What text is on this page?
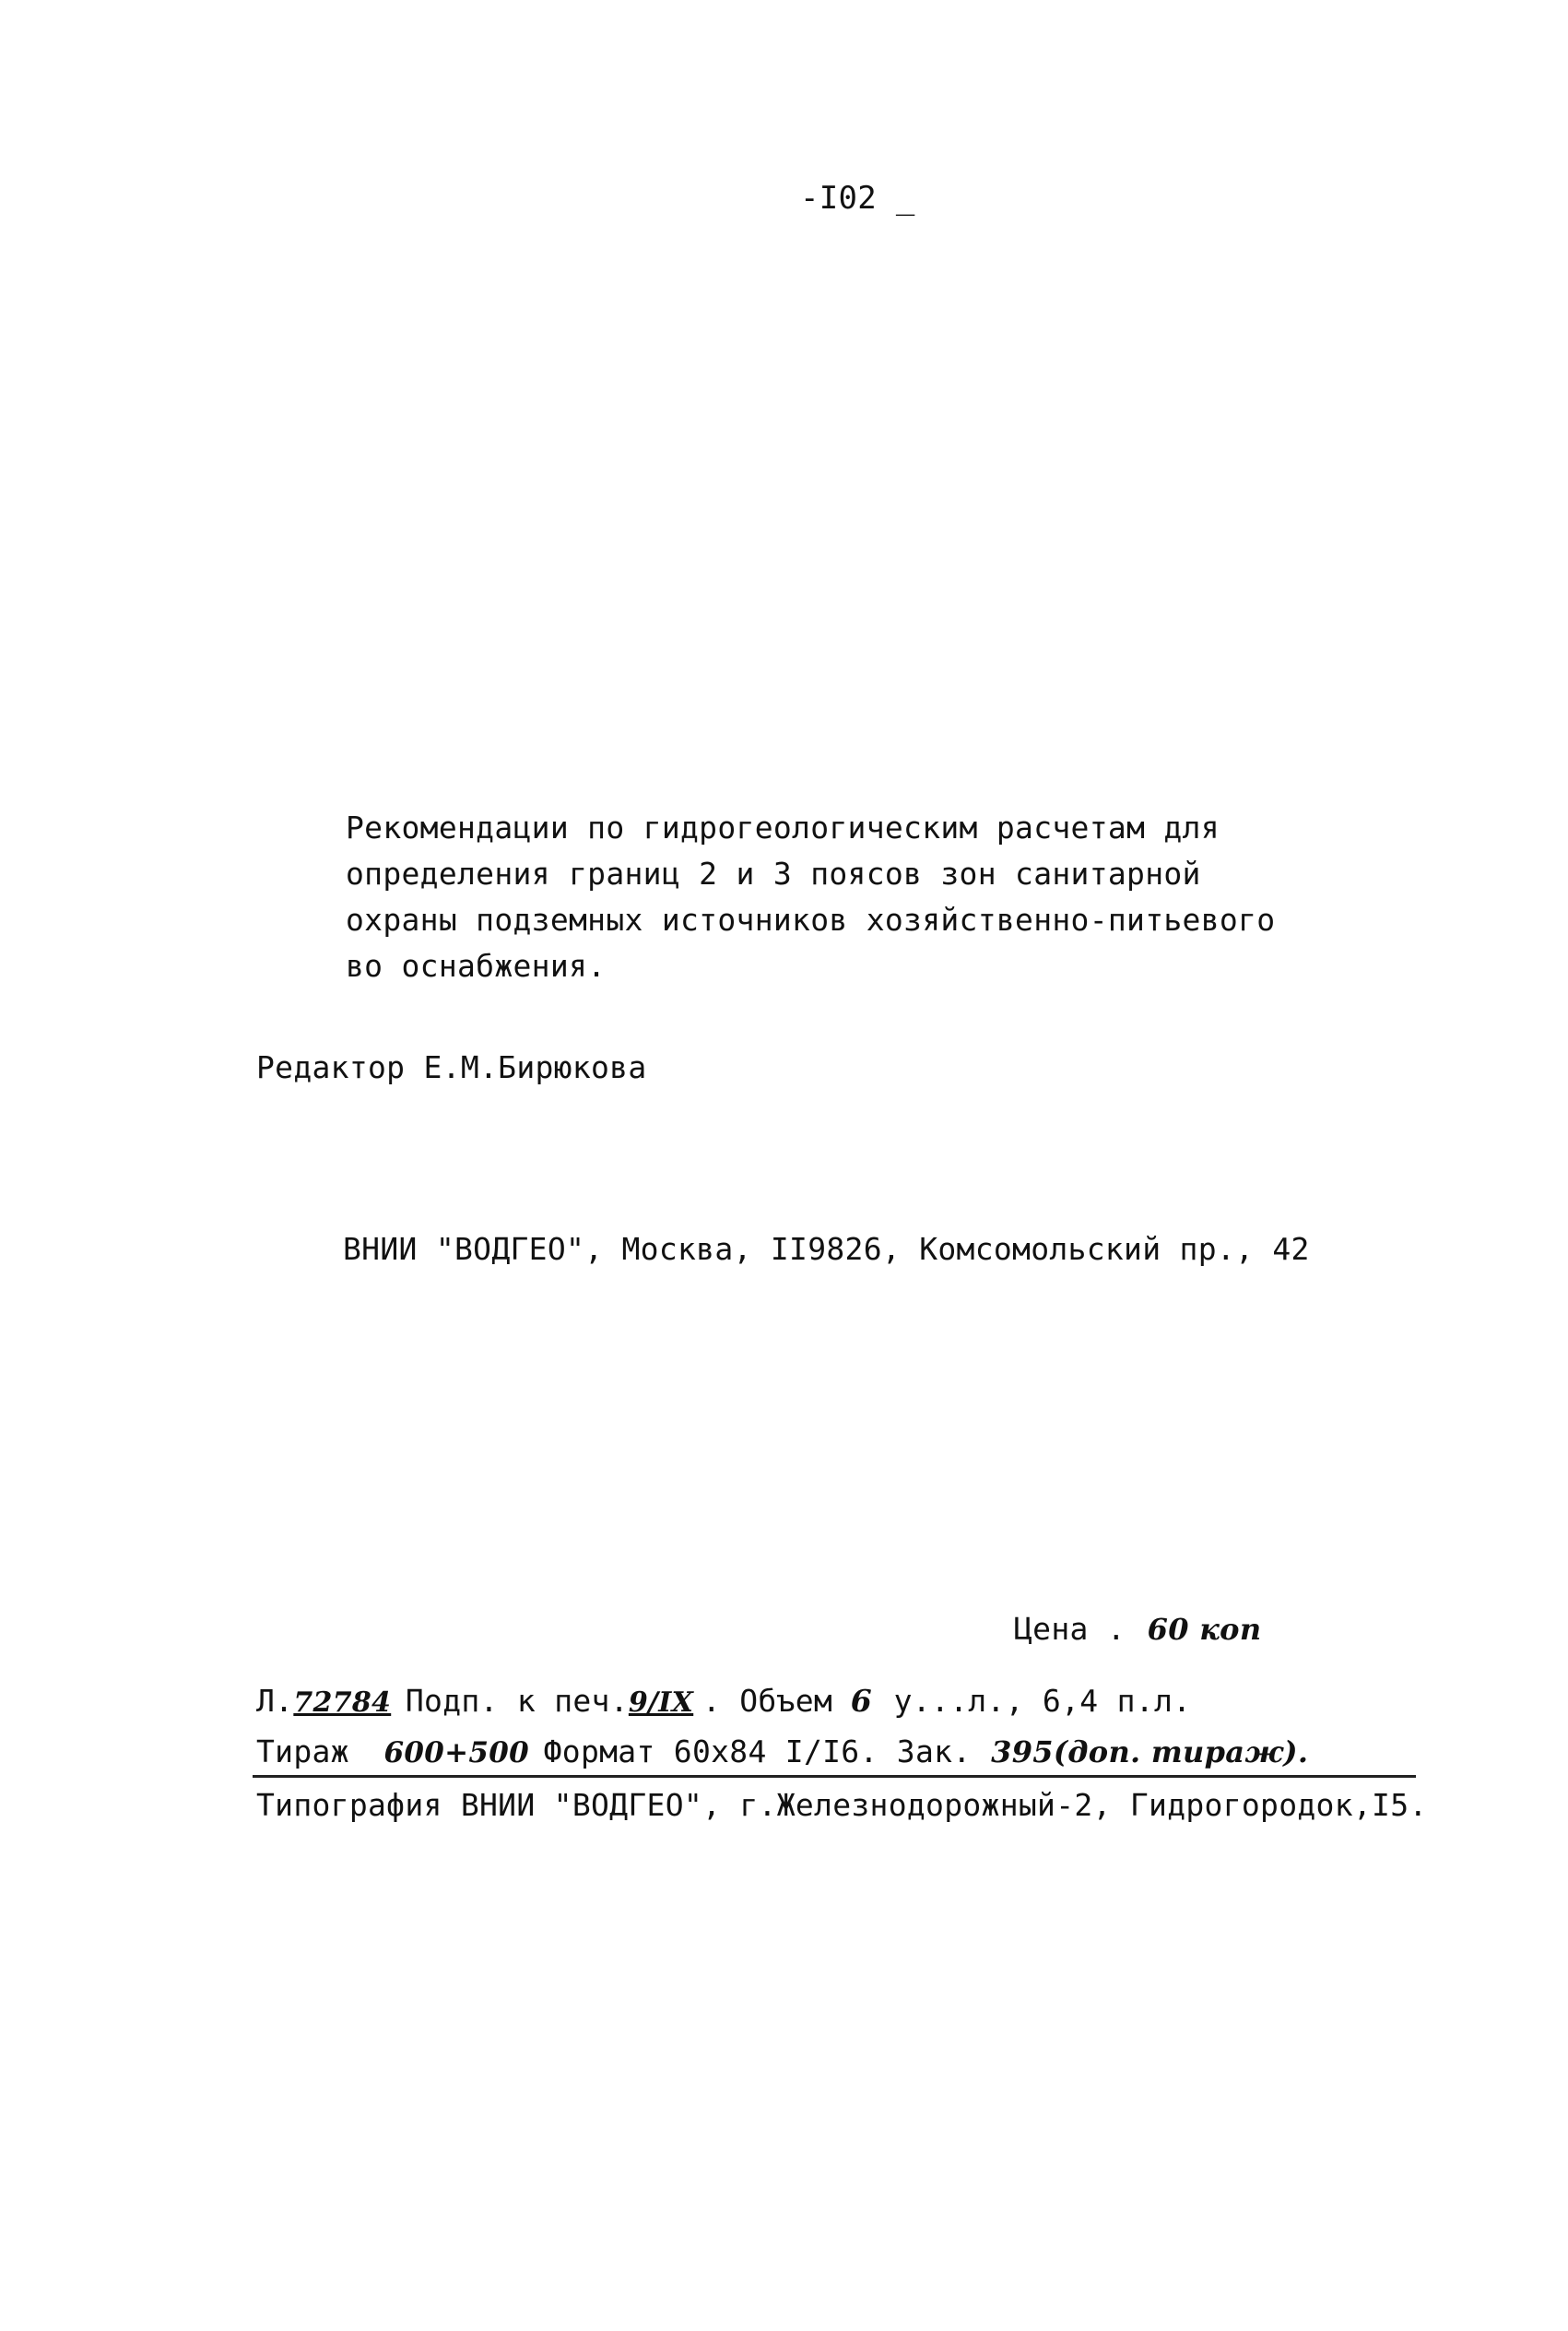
-I02 _
Рекомендации по гидрогеологическим расчетам для
определения границ 2 и 3 поясов зон санитарной
охраны подземных источников хозяйственно-питьевого
во оснабжения.
Редактор Е.М.Бирюкова
ВНИИ "ВОДГЕО", Москва, II9826, Комсомольский пр., 42
Цена . 60 коп
Л.72784 Подп. к печ.9/IX . Объем 6 у...л., 6,4 п.л.
Тираж 600+500 Формат 60х84 I/I6. Зак. 395(доп. тираж).
Типография ВНИИ "ВОДГЕО", г.Железнодорожный-2, Гидрогородок,I5.
